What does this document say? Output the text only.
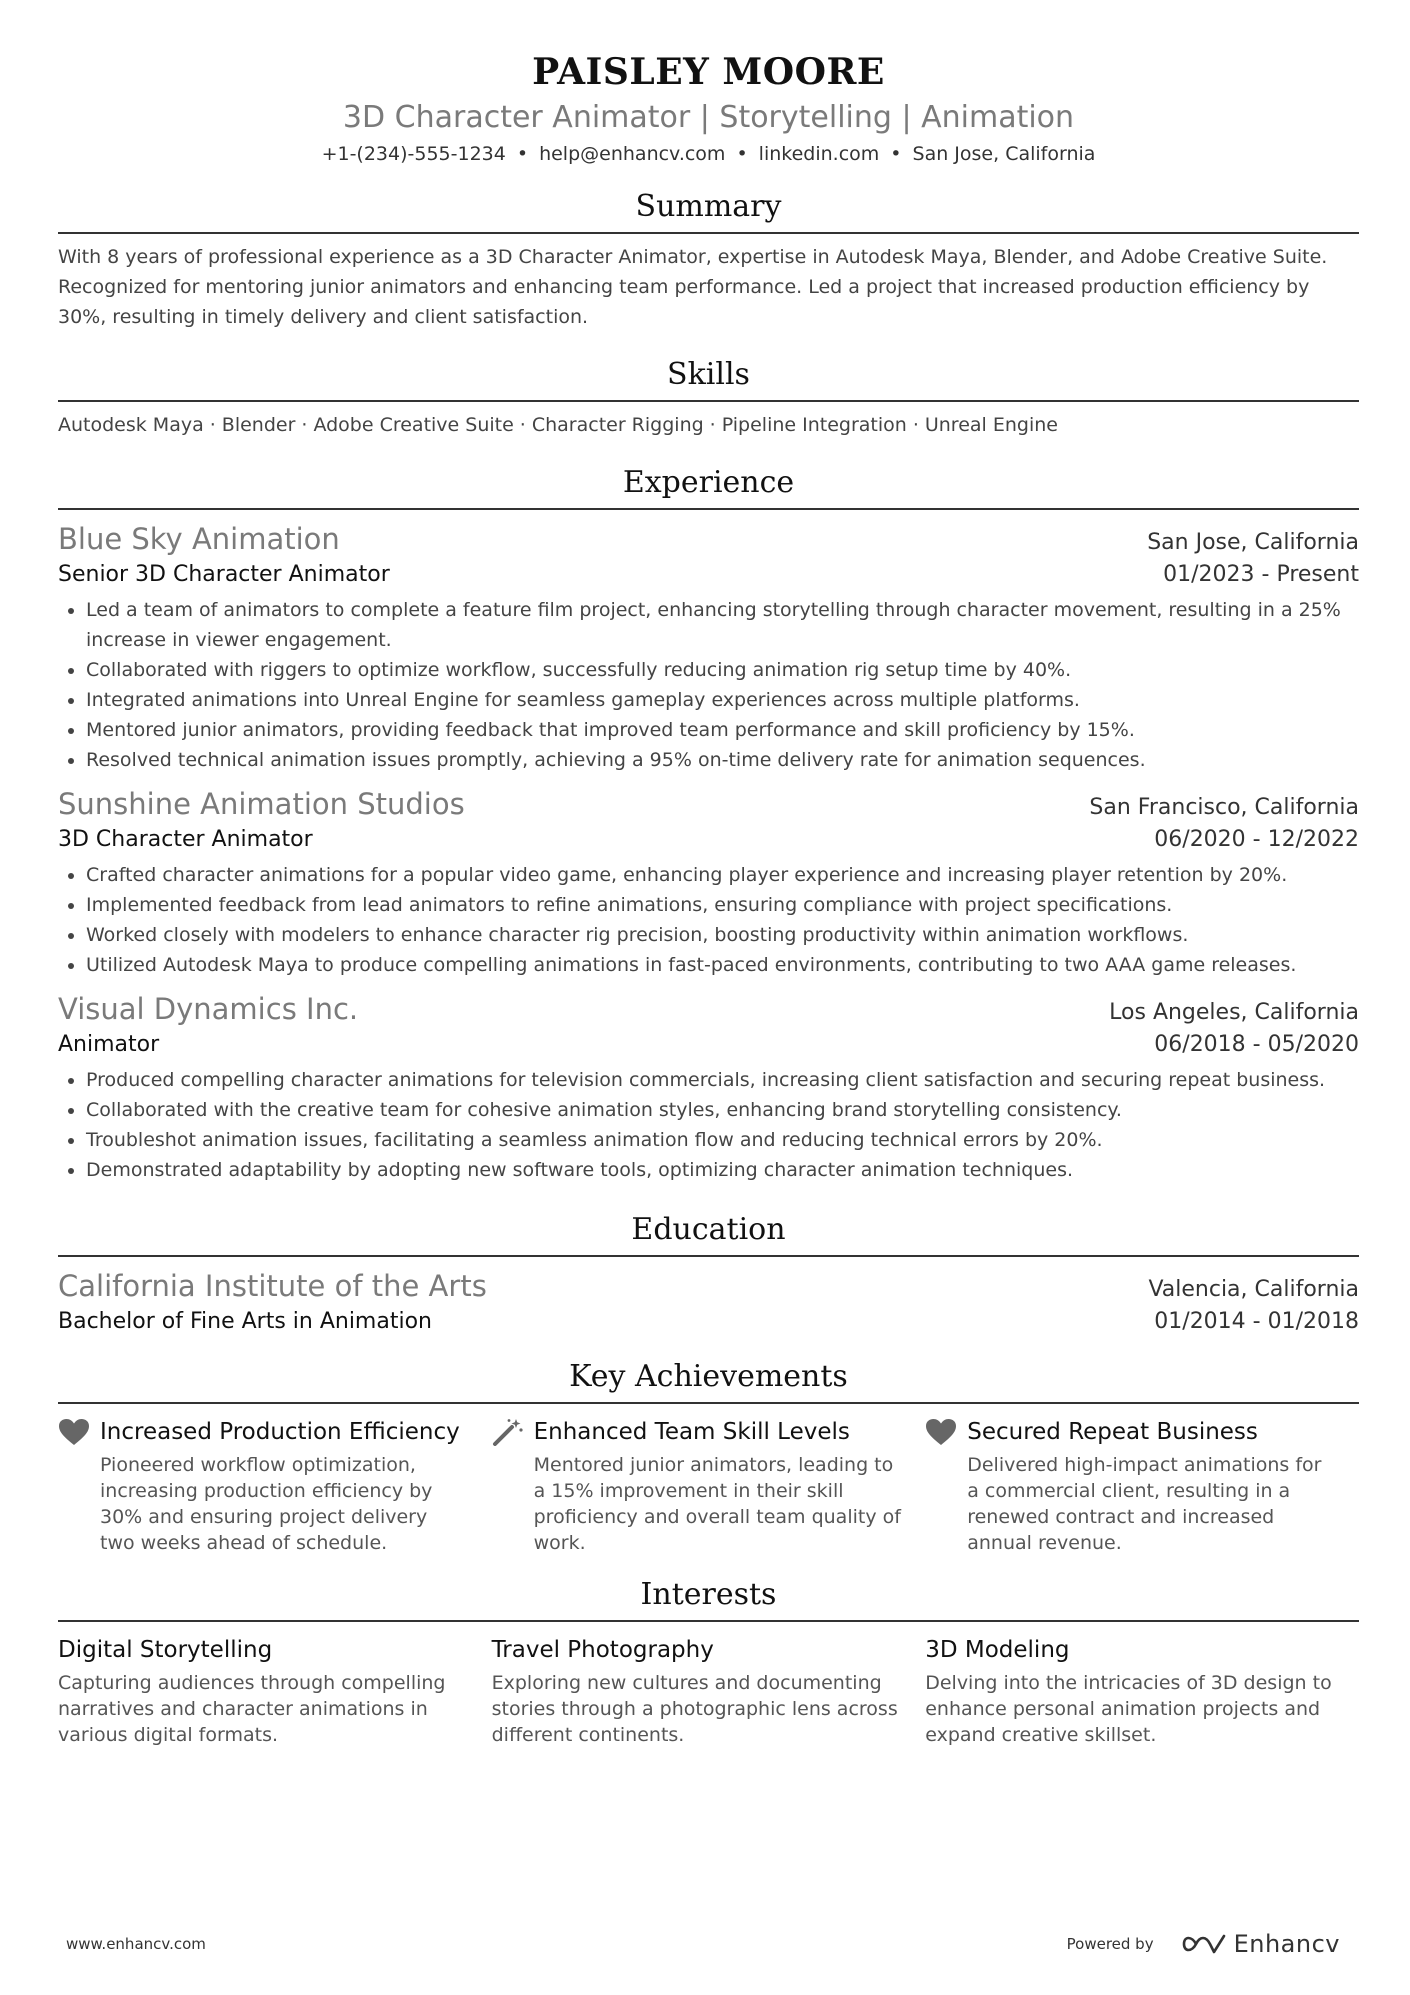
PAISLEY MOORE
3D Character Animator | Storytelling | Animation
+1-(234)-555-1234 • help@enhancv.com • linkedin.com • San Jose, California
Summary
With 8 years of professional experience as a 3D Character Animator, expertise in Autodesk Maya, Blender, and Adobe Creative Suite. Recognized for mentoring junior animators and enhancing team performance. Led a project that increased production efficiency by 30%, resulting in timely delivery and client satisfaction.
Skills
Autodesk Maya · Blender · Adobe Creative Suite · Character Rigging · Pipeline Integration · Unreal Engine
Experience
Blue Sky Animation	San Jose, California
Senior 3D Character Animator	01/2023 - Present
• Led a team of animators to complete a feature film project, enhancing storytelling through character movement, resulting in a 25% increase in viewer engagement.
• Collaborated with riggers to optimize workflow, successfully reducing animation rig setup time by 40%.
• Integrated animations into Unreal Engine for seamless gameplay experiences across multiple platforms.
• Mentored junior animators, providing feedback that improved team performance and skill proficiency by 15%.
• Resolved technical animation issues promptly, achieving a 95% on-time delivery rate for animation sequences.
Sunshine Animation Studios	San Francisco, California
3D Character Animator	06/2020 - 12/2022
• Crafted character animations for a popular video game, enhancing player experience and increasing player retention by 20%.
• Implemented feedback from lead animators to refine animations, ensuring compliance with project specifications.
• Worked closely with modelers to enhance character rig precision, boosting productivity within animation workflows.
• Utilized Autodesk Maya to produce compelling animations in fast-paced environments, contributing to two AAA game releases.
Visual Dynamics Inc.	Los Angeles, California
Animator	06/2018 - 05/2020
• Produced compelling character animations for television commercials, increasing client satisfaction and securing repeat business.
• Collaborated with the creative team for cohesive animation styles, enhancing brand storytelling consistency.
• Troubleshot animation issues, facilitating a seamless animation flow and reducing technical errors by 20%.
• Demonstrated adaptability by adopting new software tools, optimizing character animation techniques.
Education
California Institute of the Arts	Valencia, California
Bachelor of Fine Arts in Animation	01/2014 - 01/2018
Key Achievements
Increased Production Efficiency
Pioneered workflow optimization, increasing production efficiency by 30% and ensuring project delivery two weeks ahead of schedule.
Enhanced Team Skill Levels
Mentored junior animators, leading to a 15% improvement in their skill proficiency and overall team quality of work.
Secured Repeat Business
Delivered high-impact animations for a commercial client, resulting in a renewed contract and increased annual revenue.
Interests
Digital Storytelling
Capturing audiences through compelling narratives and character animations in various digital formats.
Travel Photography
Exploring new cultures and documenting stories through a photographic lens across different continents.
3D Modeling
Delving into the intricacies of 3D design to enhance personal animation projects and expand creative skillset.
www.enhancv.com	Powered by	Enhancv
